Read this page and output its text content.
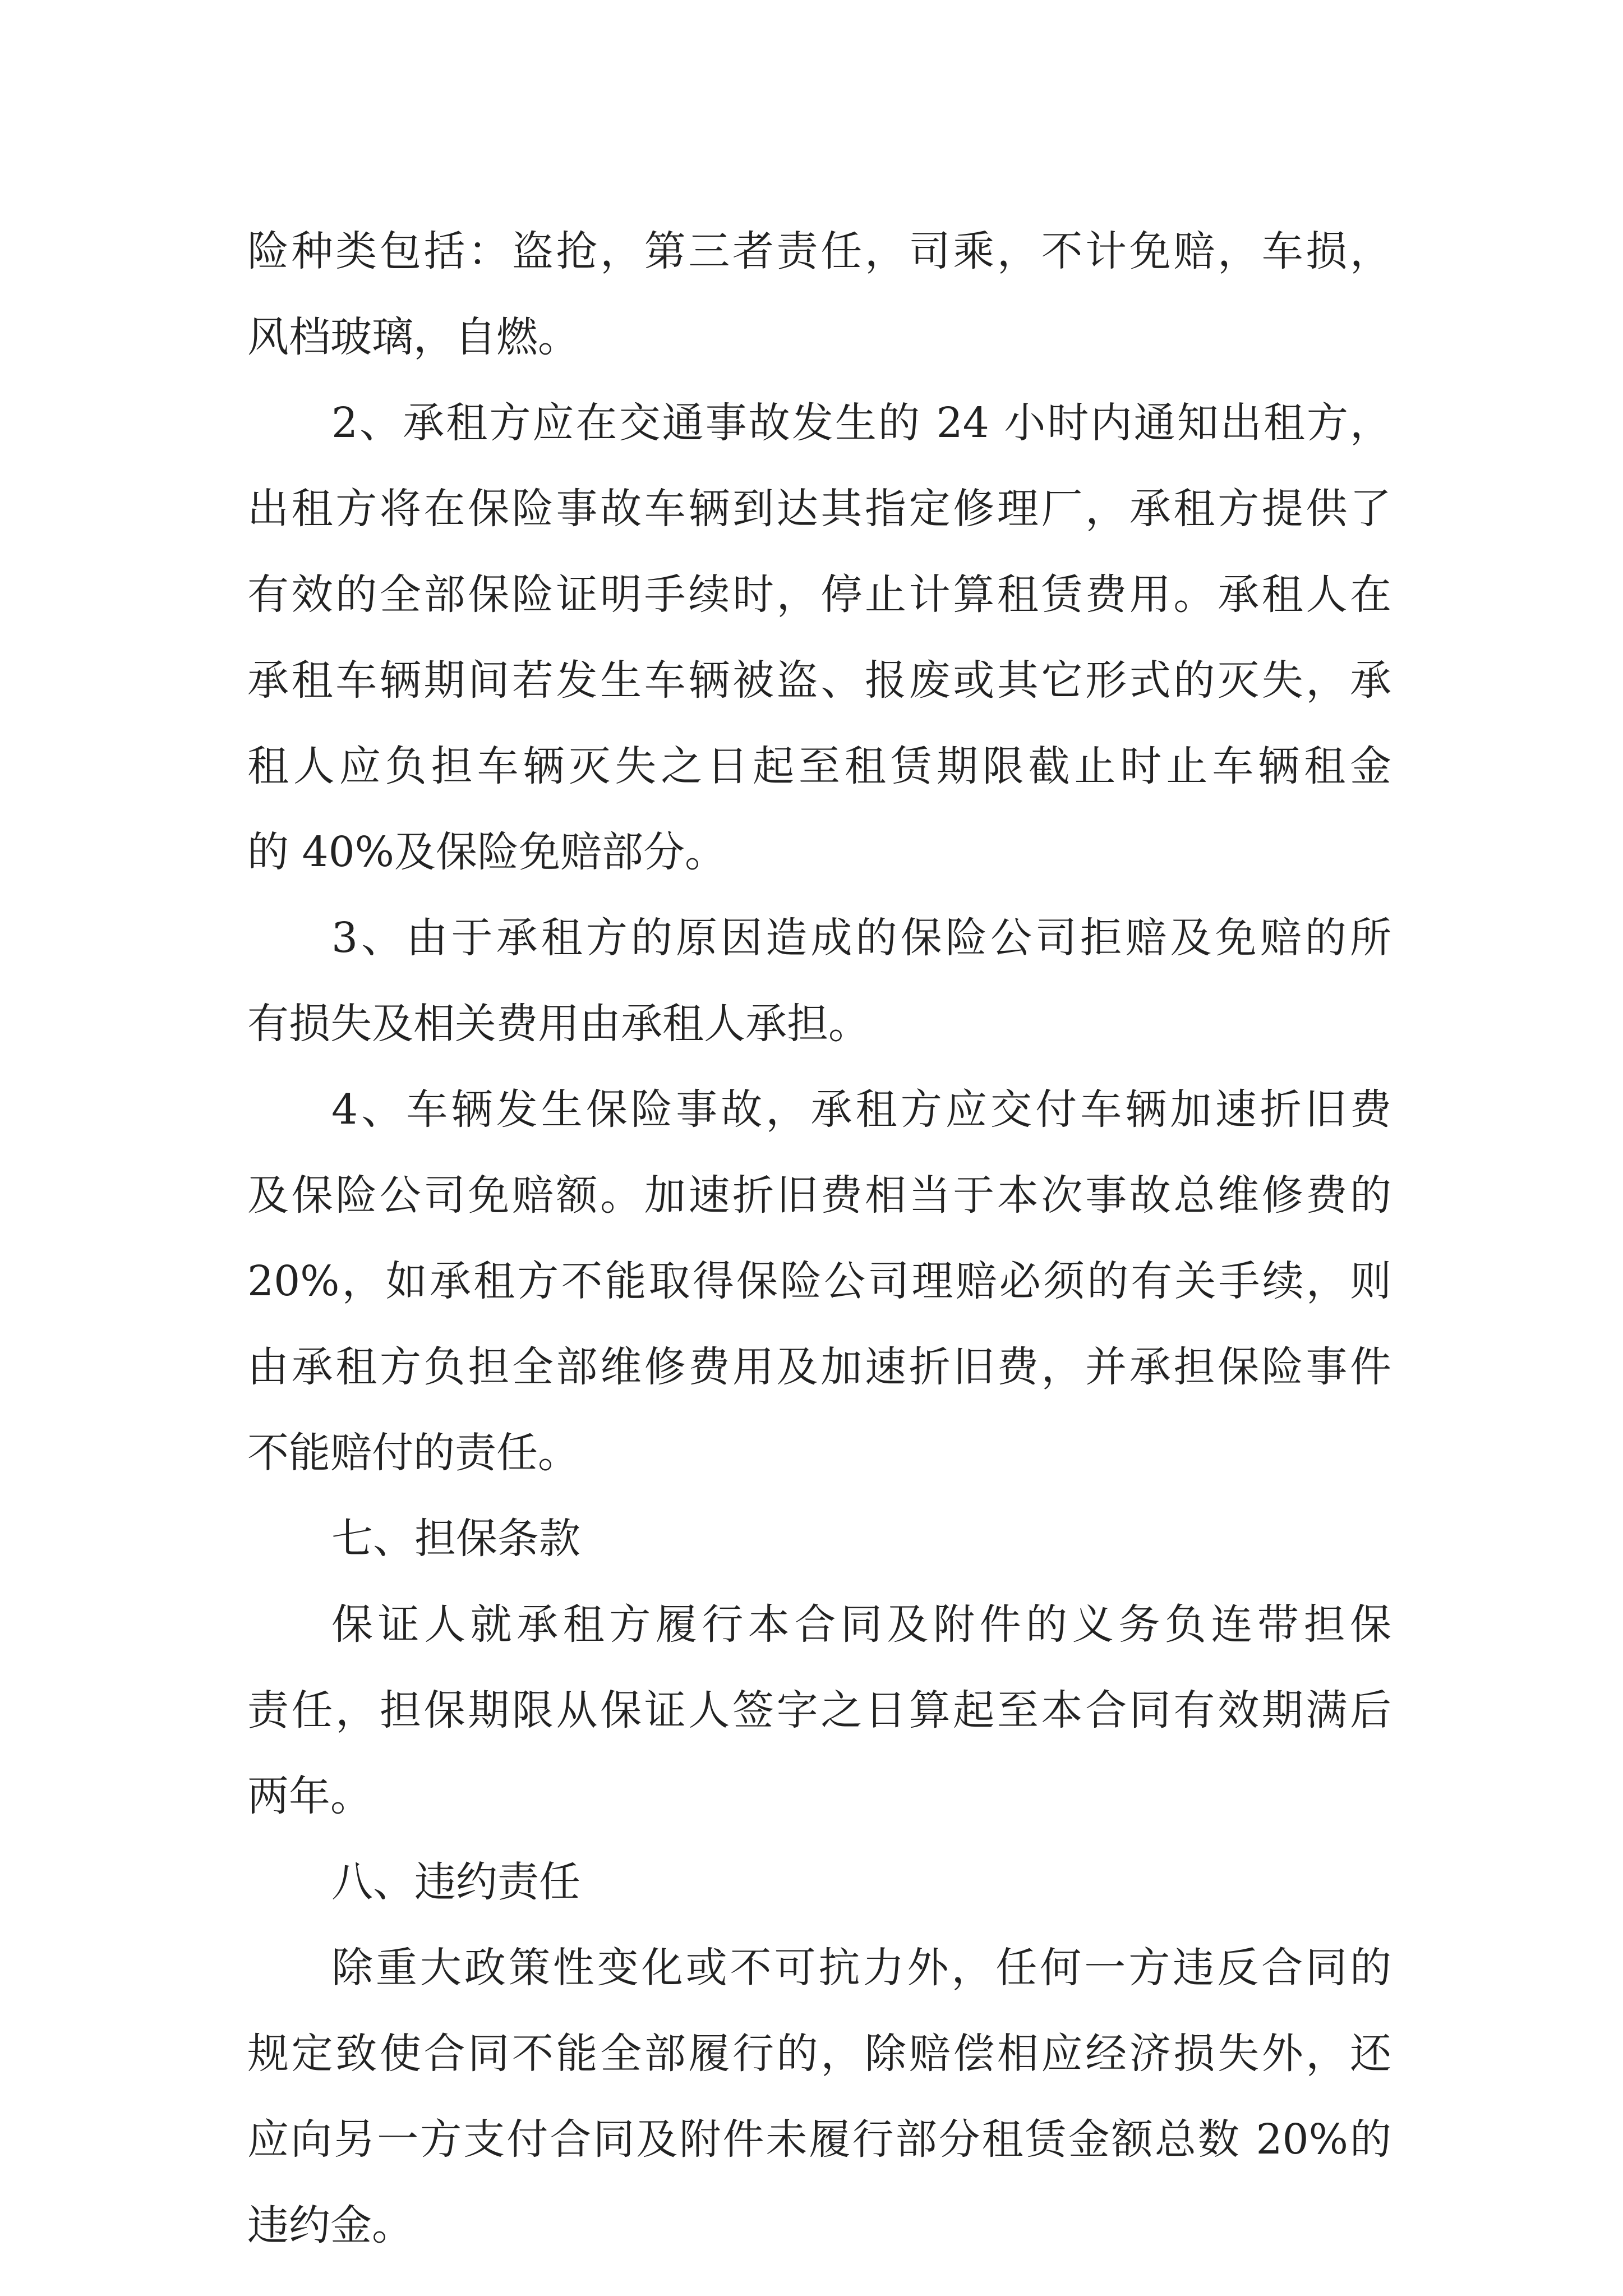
险种类包括：盗抢，第三者责任，司乘，不计免赔，车损，
风档玻璃，自燃。
2、承租方应在交通事故发生的 24 小时内通知出租方，
出租方将在保险事故车辆到达其指定修理厂，承租方提供了
有效的全部保险证明手续时，停止计算租赁费用。承租人在
承租车辆期间若发生车辆被盗、报废或其它形式的灭失，承
租人应负担车辆灭失之日起至租赁期限截止时止车辆租金
的 40%及保险免赔部分。
3、由于承租方的原因造成的保险公司拒赔及免赔的所
有损失及相关费用由承租人承担。
4、车辆发生保险事故，承租方应交付车辆加速折旧费
及保险公司免赔额。加速折旧费相当于本次事故总维修费的
20%，如承租方不能取得保险公司理赔必须的有关手续，则
由承租方负担全部维修费用及加速折旧费，并承担保险事件
不能赔付的责任。
七、担保条款
保证人就承租方履行本合同及附件的义务负连带担保
责任，担保期限从保证人签字之日算起至本合同有效期满后
两年。
八、违约责任
除重大政策性变化或不可抗力外，任何一方违反合同的
规定致使合同不能全部履行的，除赔偿相应经济损失外，还
应向另一方支付合同及附件未履行部分租赁金额总数 20%的
违约金。
